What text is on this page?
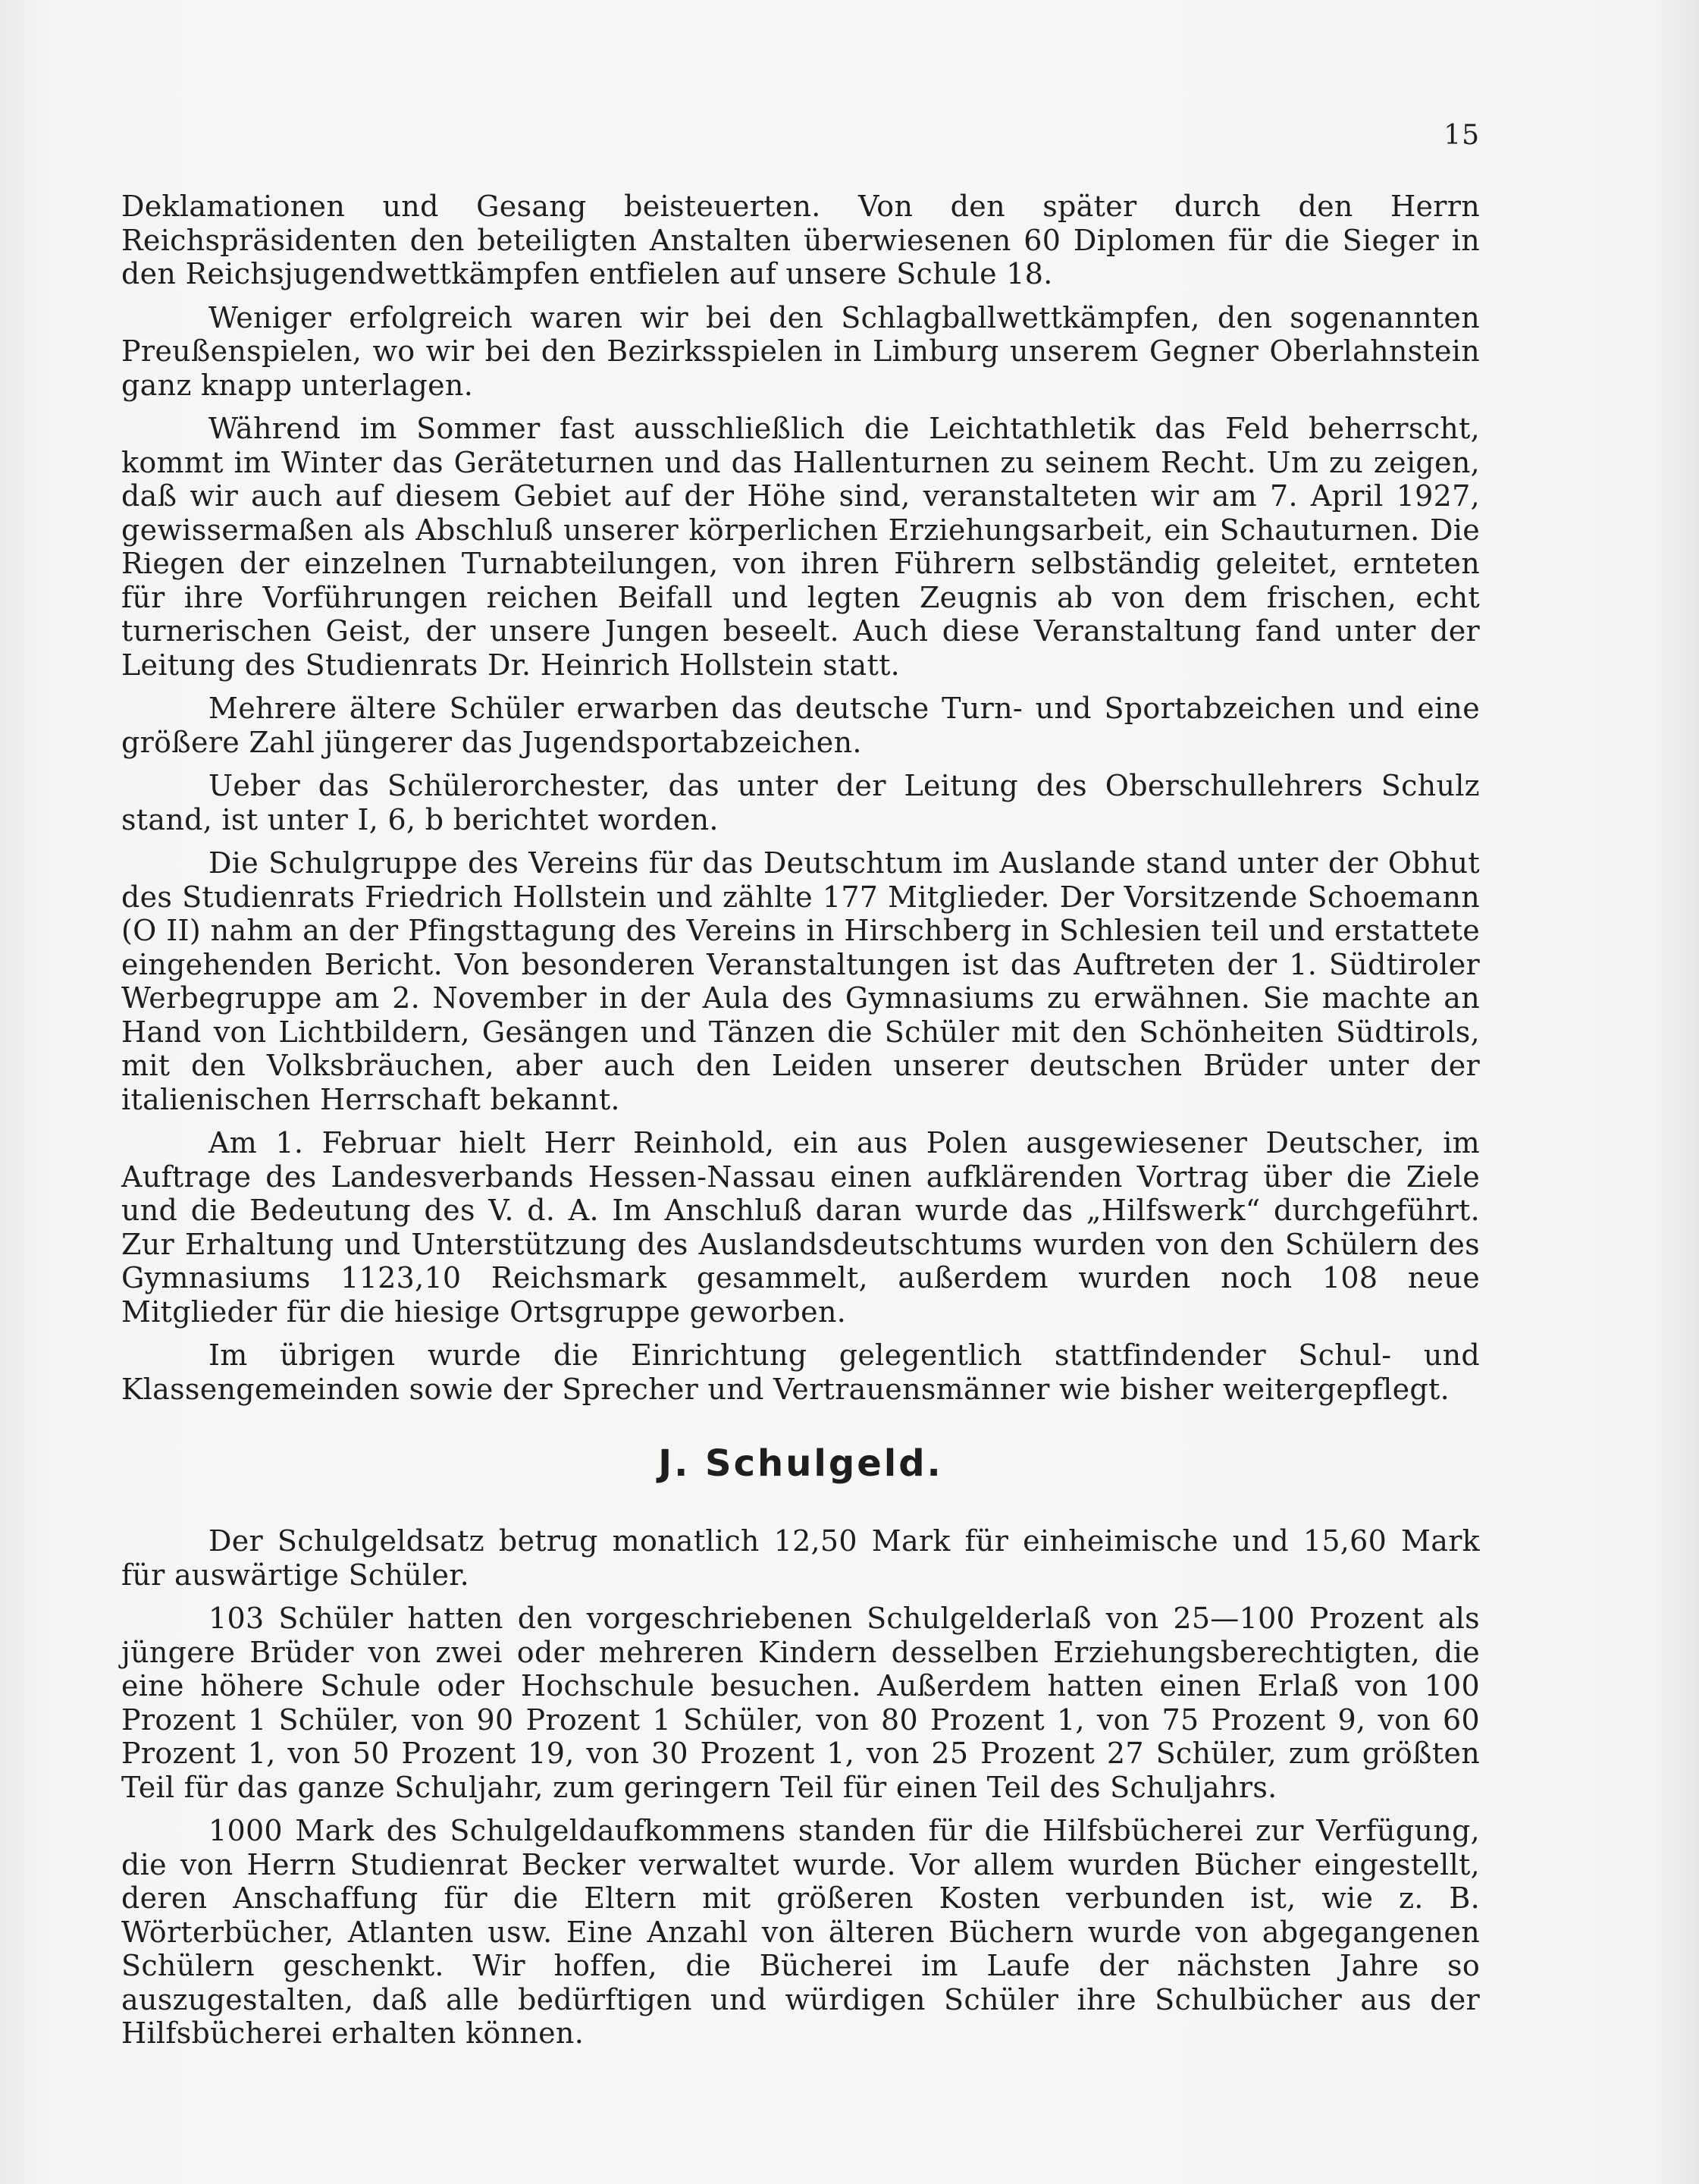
15

Deklamationen und Gesang beisteuerten. Von den später durch den Herrn Reichspräsidenten den beteiligten Anstalten überwiesenen 60 Diplomen für die Sieger in den Reichsjugendwettkämpfen entfielen auf unsere Schule 18.

Weniger erfolgreich waren wir bei den Schlagballwettkämpfen, den sogenannten Preußenspielen, wo wir bei den Bezirksspielen in Limburg unserem Gegner Oberlahnstein ganz knapp unterlagen.

Während im Sommer fast ausschließlich die Leichtathletik das Feld beherrscht, kommt im Winter das Geräteturnen und das Hallenturnen zu seinem Recht. Um zu zeigen, daß wir auch auf diesem Gebiet auf der Höhe sind, veranstalteten wir am 7. April 1927, gewissermaßen als Abschluß unserer körperlichen Erziehungsarbeit, ein Schauturnen. Die Riegen der einzelnen Turnabteilungen, von ihren Führern selbständig geleitet, ernteten für ihre Vorführungen reichen Beifall und legten Zeugnis ab von dem frischen, echt turnerischen Geist, der unsere Jungen beseelt. Auch diese Veranstaltung fand unter der Leitung des Studienrats Dr. Heinrich Hollstein statt.

Mehrere ältere Schüler erwarben das deutsche Turn- und Sportabzeichen und eine größere Zahl jüngerer das Jugendsportabzeichen.

Ueber das Schülerorchester, das unter der Leitung des Oberschullehrers Schulz stand, ist unter I, 6, b berichtet worden.

Die Schulgruppe des Vereins für das Deutschtum im Auslande stand unter der Obhut des Studienrats Friedrich Hollstein und zählte 177 Mitglieder. Der Vorsitzende Schoemann (O II) nahm an der Pfingsttagung des Vereins in Hirschberg in Schlesien teil und erstattete eingehenden Bericht. Von besonderen Veranstaltungen ist das Auftreten der 1. Südtiroler Werbegruppe am 2. November in der Aula des Gymnasiums zu erwähnen. Sie machte an Hand von Lichtbildern, Gesängen und Tänzen die Schüler mit den Schönheiten Südtirols, mit den Volksbräuchen, aber auch den Leiden unserer deutschen Brüder unter der italienischen Herrschaft bekannt.

Am 1. Februar hielt Herr Reinhold, ein aus Polen ausgewiesener Deutscher, im Auftrage des Landesverbands Hessen-Nassau einen aufklärenden Vortrag über die Ziele und die Bedeutung des V. d. A. Im Anschluß daran wurde das „Hilfswerk“ durchgeführt. Zur Erhaltung und Unterstützung des Auslandsdeutschtums wurden von den Schülern des Gymnasiums 1123,10 Reichsmark gesammelt, außerdem wurden noch 108 neue Mitglieder für die hiesige Ortsgruppe geworben.

Im übrigen wurde die Einrichtung gelegentlich stattfindender Schul- und Klassengemeinden sowie der Sprecher und Vertrauensmänner wie bisher weitergepflegt.

J. Schulgeld.

Der Schulgeldsatz betrug monatlich 12,50 Mark für einheimische und 15,60 Mark für auswärtige Schüler.

103 Schüler hatten den vorgeschriebenen Schulgelderlaß von 25—100 Prozent als jüngere Brüder von zwei oder mehreren Kindern desselben Erziehungsberechtigten, die eine höhere Schule oder Hochschule besuchen. Außerdem hatten einen Erlaß von 100 Prozent 1 Schüler, von 90 Prozent 1 Schüler, von 80 Prozent 1, von 75 Prozent 9, von 60 Prozent 1, von 50 Prozent 19, von 30 Prozent 1, von 25 Prozent 27 Schüler, zum größten Teil für das ganze Schuljahr, zum geringern Teil für einen Teil des Schuljahrs.

1000 Mark des Schulgeldaufkommens standen für die Hilfsbücherei zur Verfügung, die von Herrn Studienrat Becker verwaltet wurde. Vor allem wurden Bücher eingestellt, deren Anschaffung für die Eltern mit größeren Kosten verbunden ist, wie z. B. Wörterbücher, Atlanten usw. Eine Anzahl von älteren Büchern wurde von abgegangenen Schülern geschenkt. Wir hoffen, die Bücherei im Laufe der nächsten Jahre so auszugestalten, daß alle bedürftigen und würdigen Schüler ihre Schulbücher aus der Hilfsbücherei erhalten können.
